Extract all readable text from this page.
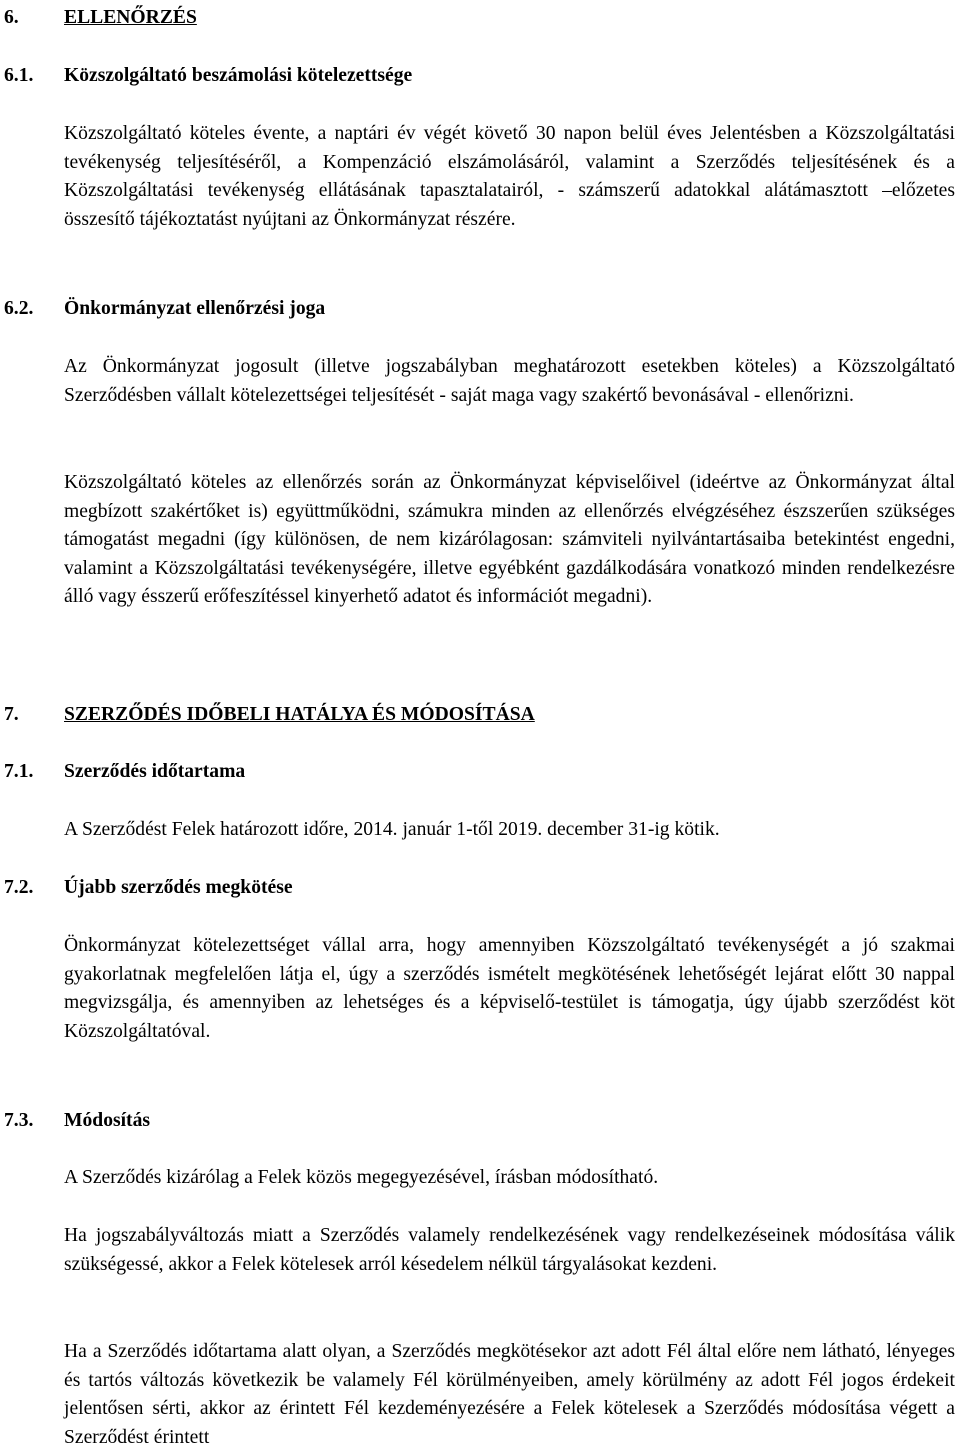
6. ELLENŐRZÉS
6.1. Közszolgáltató beszámolási kötelezettsége
Közszolgáltató köteles évente, a naptári év végét követő 30 napon belül éves Jelentésben a Közszolgáltatási tevékenység teljesítéséről, a Kompenzáció elszámolásáról, valamint a Szerződés teljesítésének és a Közszolgáltatási tevékenység ellátásának tapasztalatairól, - számszerű adatokkal alátámasztott –előzetes összesítő tájékoztatást nyújtani az Önkormányzat részére.
6.2. Önkormányzat ellenőrzési joga
Az Önkormányzat jogosult (illetve jogszabályban meghatározott esetekben köteles) a Közszolgáltató Szerződésben vállalt kötelezettségei teljesítését - saját maga vagy szakértő bevonásával - ellenőrizni.
Közszolgáltató köteles az ellenőrzés során az Önkormányzat képviselőivel (ideértve az Önkormányzat által megbízott szakértőket is) együttműködni, számukra minden az ellenőrzés elvégzéséhez észszerűen szükséges támogatást megadni (így különösen, de nem kizárólagosan: számviteli nyilvántartásaiba betekintést engedni, valamint a Közszolgáltatási tevékenységére, illetve egyébként gazdálkodására vonatkozó minden rendelkezésre álló vagy ésszerű erőfeszítéssel kinyerhető adatot és információt megadni).
7. SZERZŐDÉS IDŐBELI HATÁLYA ÉS MÓDOSÍTÁSA
7.1. Szerződés időtartama
A Szerződést Felek határozott időre, 2014. január 1-től 2019. december 31-ig kötik.
7.2. Újabb szerződés megkötése
Önkormányzat kötelezettséget vállal arra, hogy amennyiben Közszolgáltató tevékenységét a jó szakmai gyakorlatnak megfelelően látja el, úgy a szerződés ismételt megkötésének lehetőségét lejárat előtt 30 nappal megvizsgálja, és amennyiben az lehetséges és a képviselő-testület is támogatja, úgy újabb szerződést köt Közszolgáltatóval.
7.3. Módosítás
A Szerződés kizárólag a Felek közös megegyezésével, írásban módosítható.
Ha jogszabályváltozás miatt a Szerződés valamely rendelkezésének vagy rendelkezéseinek módosítása válik szükségessé, akkor a Felek kötelesek arról késedelem nélkül tárgyalásokat kezdeni.
Ha a Szerződés időtartama alatt olyan, a Szerződés megkötésekor azt adott Fél által előre nem látható, lényeges és tartós változás következik be valamely Fél körülményeiben, amely körülmény az adott Fél jogos érdekeit jelentősen sérti, akkor az érintett Fél kezdeményezésére a Felek kötelesek a Szerződés módosítása végett a Szerződést érintett
